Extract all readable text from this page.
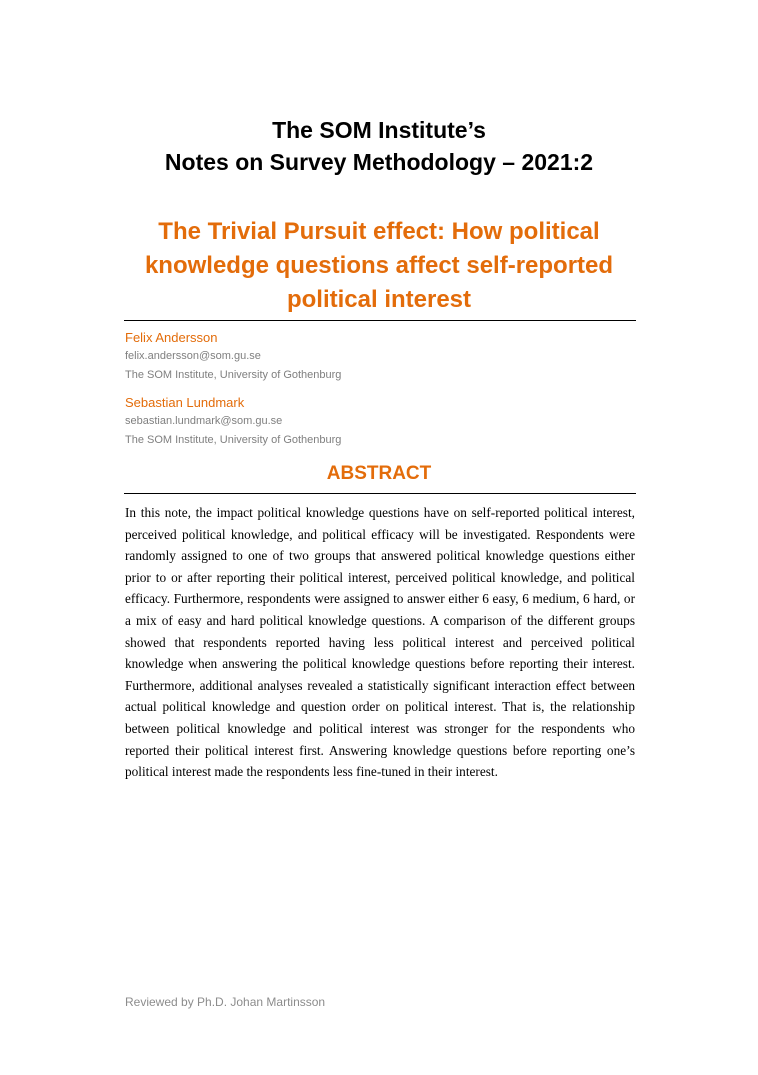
The SOM Institute’s
Notes on Survey Methodology – 2021:2
The Trivial Pursuit effect: How political knowledge questions affect self-reported political interest
Felix Andersson
felix.andersson@som.gu.se
The SOM Institute, University of Gothenburg
Sebastian Lundmark
sebastian.lundmark@som.gu.se
The SOM Institute, University of Gothenburg
ABSTRACT
In this note, the impact political knowledge questions have on self-reported political interest, perceived political knowledge, and political efficacy will be investigated. Respondents were randomly assigned to one of two groups that answered political knowledge questions either prior to or after reporting their political interest, perceived political knowledge, and political efficacy. Furthermore, respondents were assigned to answer either 6 easy, 6 medium, 6 hard, or a mix of easy and hard political knowledge questions. A comparison of the different groups showed that respondents reported having less political interest and perceived political knowledge when answering the political knowledge questions before reporting their interest. Furthermore, additional analyses revealed a statistically significant interaction effect between actual political knowledge and question order on political interest. That is, the relationship between political knowledge and political interest was stronger for the respondents who reported their political interest first. Answering knowledge questions before reporting one’s political interest made the respondents less fine-tuned in their interest.
Reviewed by Ph.D. Johan Martinsson
